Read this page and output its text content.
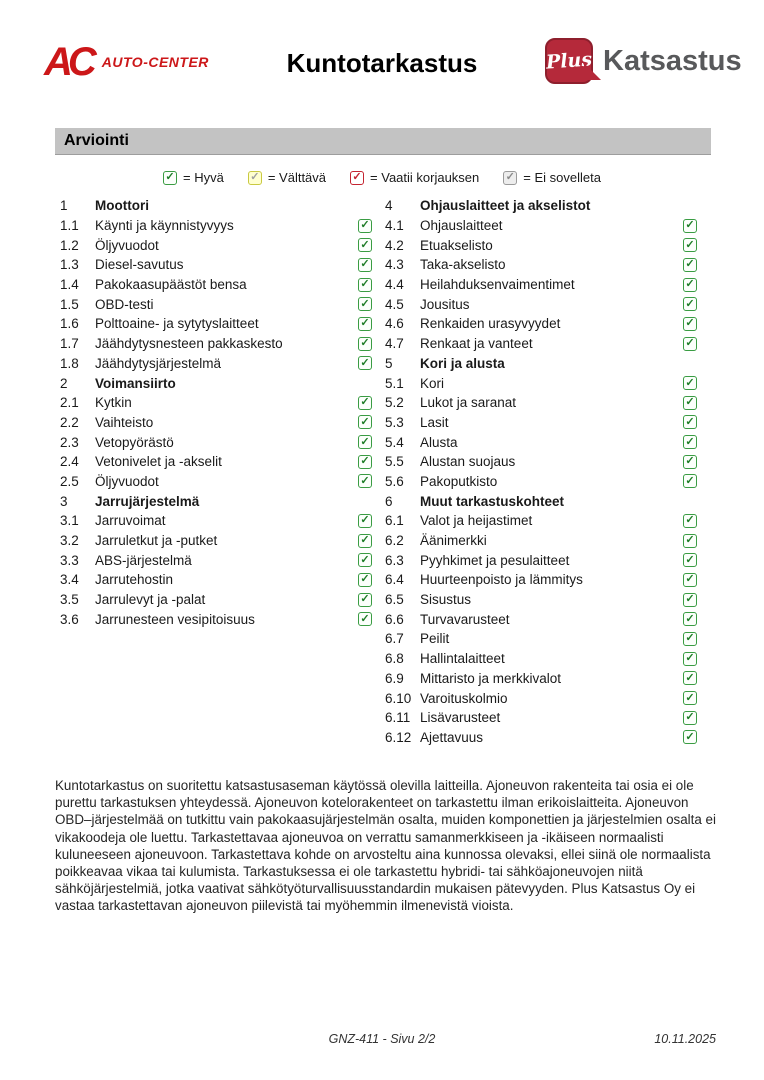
AC AUTO-CENTER	Kuntotarkastus	Plus Katsastus
Arviointi
✓ = Hyvä ✓ = Välttävä ✓ = Vaatii korjauksen ✓ = Ei sovelleta
1	Moottori
1.1	Käynti ja käynnistyvyys	✓
1.2	Öljyvuodot	✓
1.3	Diesel-savutus	✓
1.4	Pakokaasupäästöt bensa	✓
1.5	OBD-testi	✓
1.6	Polttoaine- ja sytytyslaitteet	✓
1.7	Jäähdytysnesteen pakkaskesto	✓
1.8	Jäähdytysjärjestelmä	✓
2	Voimansiirto
2.1	Kytkin	✓
2.2	Vaihteisto	✓
2.3	Vetopyörästö	✓
2.4	Vetonivelet ja -akselit	✓
2.5	Öljyvuodot	✓
3	Jarrujärjestelmä
3.1	Jarruvoimat	✓
3.2	Jarruletkut ja -putket	✓
3.3	ABS-järjestelmä	✓
3.4	Jarrutehostin	✓
3.5	Jarrulevyt ja -palat	✓
3.6	Jarrunesteen vesipitoisuus	✓
4	Ohjauslaitteet ja akselistot
4.1	Ohjauslaitteet	✓
4.2	Etuakselisto	✓
4.3	Taka-akselisto	✓
4.4	Heilahduksenvaimentimet	✓
4.5	Jousitus	✓
4.6	Renkaiden urasyvyydet	✓
4.7	Renkaat ja vanteet	✓
5	Kori ja alusta
5.1	Kori	✓
5.2	Lukot ja saranat	✓
5.3	Lasit	✓
5.4	Alusta	✓
5.5	Alustan suojaus	✓
5.6	Pakoputkisto	✓
6	Muut tarkastuskohteet
6.1	Valot ja heijastimet	✓
6.2	Äänimerkki	✓
6.3	Pyyhkimet ja pesulaitteet	✓
6.4	Huurteenpoisto ja lämmitys	✓
6.5	Sisustus	✓
6.6	Turvavarusteet	✓
6.7	Peilit	✓
6.8	Hallintalaitteet	✓
6.9	Mittaristo ja merkkivalot	✓
6.10 Varoituskolmio	✓
6.11 Lisävarusteet	✓
6.12 Ajettavuus	✓
Kuntotarkastus on suoritettu katsastusaseman käytössä olevilla laitteilla. Ajoneuvon rakenteita tai osia ei ole purettu tarkastuksen yhteydessä. Ajoneuvon kotelorakenteet on tarkastettu ilman erikoislaitteita. Ajoneuvon OBD–järjestelmää on tutkittu vain pakokaasujärjestelmän osalta, muiden komponettien ja järjestelmien osalta ei vikakoodeja ole luettu. Tarkastettavaa ajoneuvoa on verrattu samanmerkkiseen ja -ikäiseen normaalisti kuluneeseen ajoneuvoon. Tarkastettava kohde on arvosteltu aina kunnossa olevaksi, ellei siinä ole normaalista poikkeavaa vikaa tai kulumista. Tarkastuksessa ei ole tarkastettu hybridi- tai sähköajoneuvojen niitä sähköjärjestelmiä, jotka vaativat sähkötyöturvallisuusstandardin mukaisen pätevyyden. Plus Katsastus Oy ei vastaa tarkastettavan ajoneuvon piilevistä tai myöhemmin ilmenevistä vioista.
GNZ-411 - Sivu 2/2	10.11.2025
